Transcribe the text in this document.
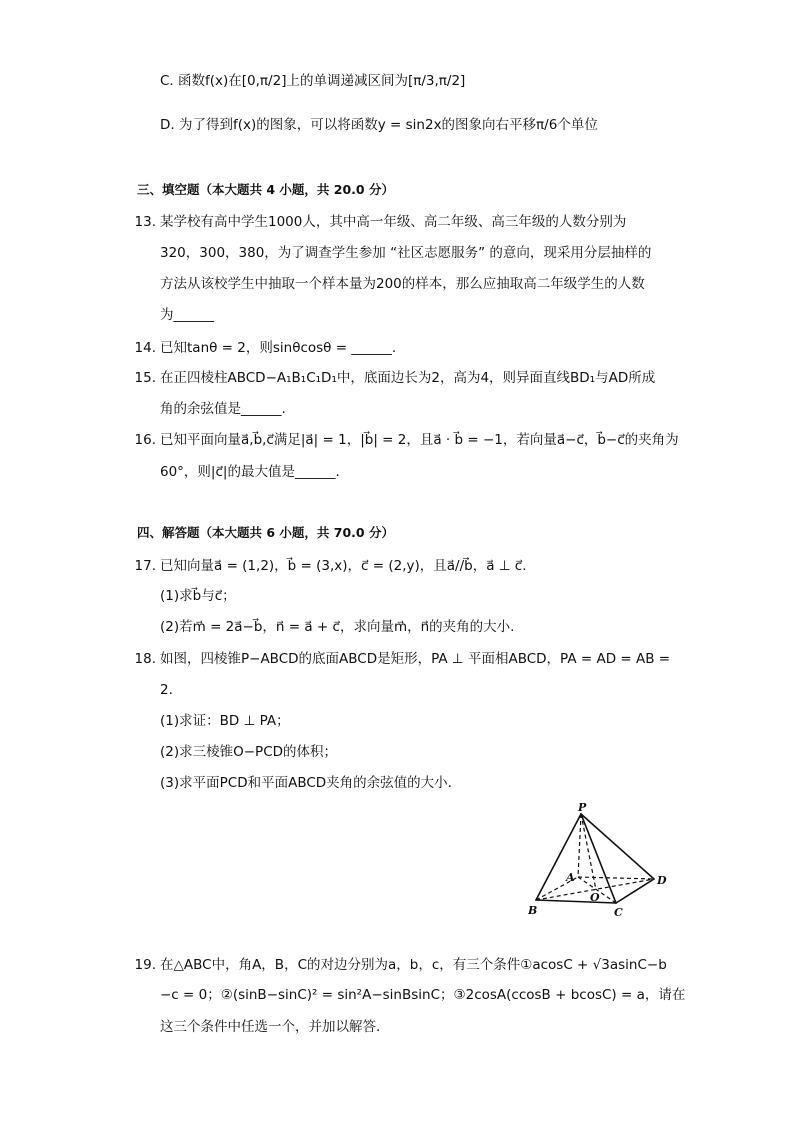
C. 函数f(x)在[0,π/2]上的单调递减区间为[π/3,π/2]
D. 为了得到f(x)的图象，可以将函数y = sin2x的图象向右平移π/6个单位
三、填空题（本大题共 4 小题，共 20.0 分）
13. 某学校有高中学生1000人，其中高一年级、高二年级、高三年级的人数分别为
320，300，380，为了调查学生参加 “社区志愿服务” 的意向，现采用分层抽样的
方法从该校学生中抽取一个样本量为200的样本，那么应抽取高二年级学生的人数
为______
14. 已知tanθ = 2，则sinθcosθ = ______.
15. 在正四棱柱ABCD−A₁B₁C₁D₁中，底面边长为2，高为4，则异面直线BD₁与AD所成
角的余弦值是______.
16. 已知平面向量a⃗,b⃗,c⃗满足|a⃗| = 1，|b⃗| = 2，且a⃗ · b⃗ = −1，若向量a⃗−c⃗，b⃗−c⃗的夹角为
60°，则|c⃗|的最大值是______.
四、解答题（本大题共 6 小题，共 70.0 分）
17. 已知向量a⃗ = (1,2)，b⃗ = (3,x)，c⃗ = (2,y)，且a⃗//b⃗，a⃗ ⊥ c⃗.
(1)求b⃗与c⃗；
(2)若m⃗ = 2a⃗−b⃗，n⃗ = a⃗ + c⃗，求向量m⃗，n⃗的夹角的大小.
18. 如图，四棱锥P−ABCD的底面ABCD是矩形，PA ⊥ 平面相ABCD，PA = AD = AB =
2.
(1)求证：BD ⊥ PA；
(2)求三棱锥O−PCD的体积；
(3)求平面PCD和平面ABCD夹角的余弦值的大小.
P
A
B	C
D
O
19. 在△ABC中，角A，B，C的对边分别为a，b，c，有三个条件①acosC + √3asinC−b
−c = 0；②(sinB−sinC)² = sin²A−sinBsinC；③2cosA(ccosB + bcosC) = a，请在
这三个条件中任选一个，并加以解答.
